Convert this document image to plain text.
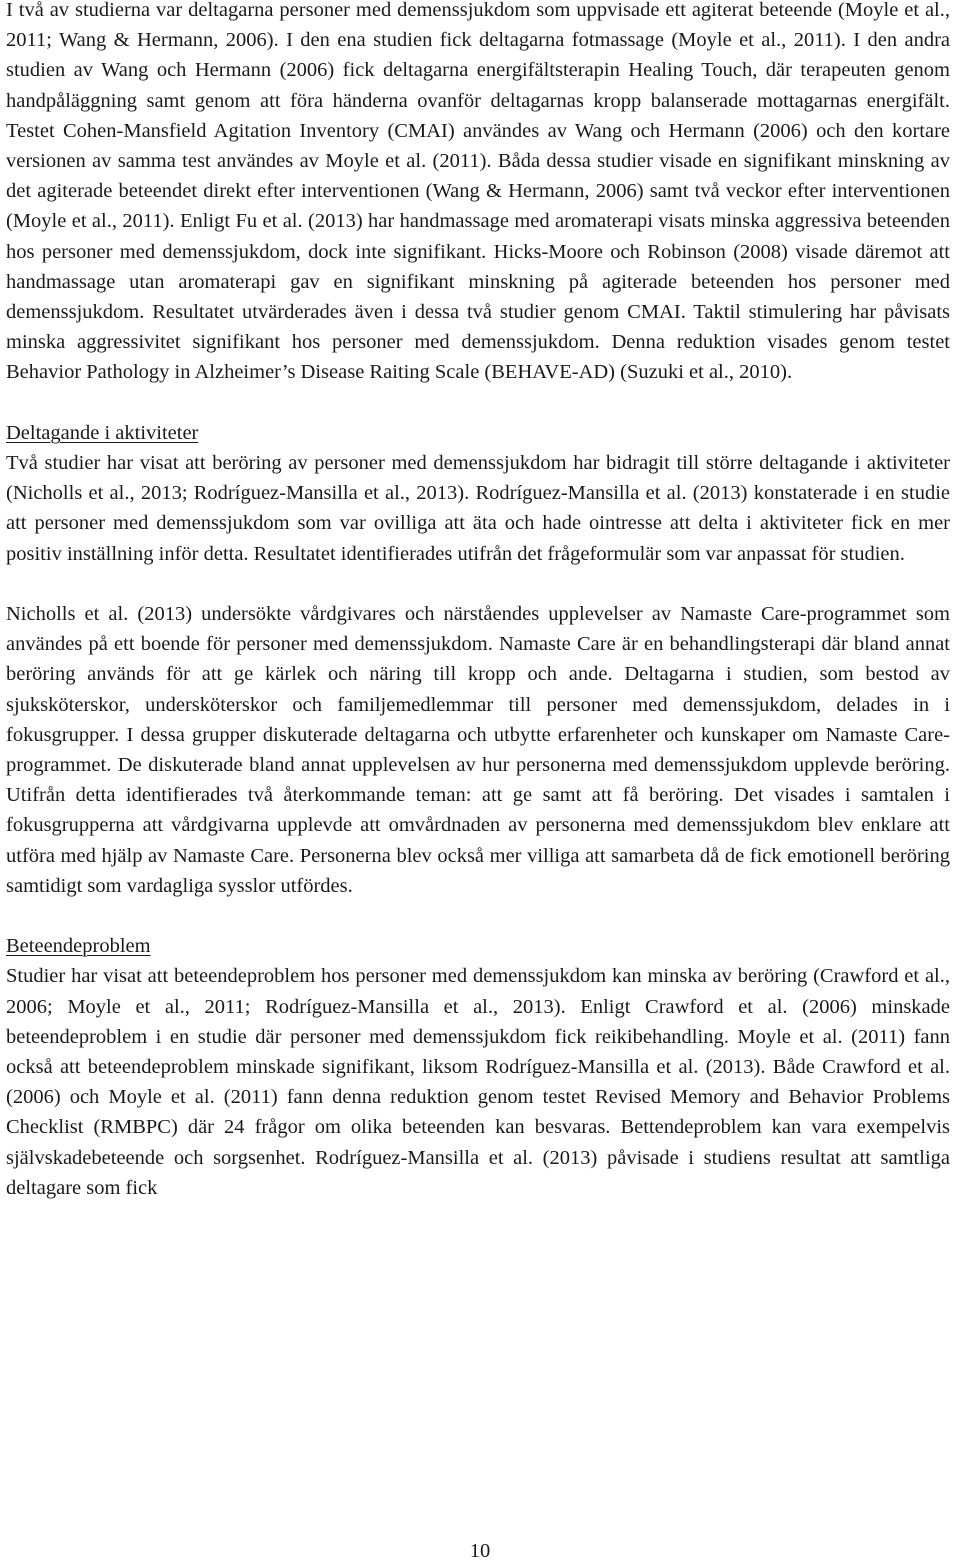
I två av studierna var deltagarna personer med demenssjukdom som uppvisade ett agiterat beteende (Moyle et al., 2011; Wang & Hermann, 2006). I den ena studien fick deltagarna fotmassage (Moyle et al., 2011). I den andra studien av Wang och Hermann (2006) fick deltagarna energifältsterapin Healing Touch, där terapeuten genom handpåläggning samt genom att föra händerna ovanför deltagarnas kropp balanserade mottagarnas energifält. Testet Cohen-Mansfield Agitation Inventory (CMAI) användes av Wang och Hermann (2006) och den kortare versionen av samma test användes av Moyle et al. (2011). Båda dessa studier visade en signifikant minskning av det agiterade beteendet direkt efter interventionen (Wang & Hermann, 2006) samt två veckor efter interventionen (Moyle et al., 2011). Enligt Fu et al. (2013) har handmassage med aromaterapi visats minska aggressiva beteenden hos personer med demenssjukdom, dock inte signifikant. Hicks-Moore och Robinson (2008) visade däremot att handmassage utan aromaterapi gav en signifikant minskning på agiterade beteenden hos personer med demenssjukdom. Resultatet utvärderades även i dessa två studier genom CMAI. Taktil stimulering har påvisats minska aggressivitet signifikant hos personer med demenssjukdom. Denna reduktion visades genom testet Behavior Pathology in Alzheimer’s Disease Raiting Scale (BEHAVE-AD) (Suzuki et al., 2010).

Deltagande i aktiviteter

Två studier har visat att beröring av personer med demenssjukdom har bidragit till större deltagande i aktiviteter (Nicholls et al., 2013; Rodríguez-Mansilla et al., 2013). Rodríguez-Mansilla et al. (2013) konstaterade i en studie att personer med demenssjukdom som var ovilliga att äta och hade ointresse att delta i aktiviteter fick en mer positiv inställning inför detta. Resultatet identifierades utifrån det frågeformulär som var anpassat för studien.

Nicholls et al. (2013) undersökte vårdgivares och närståendes upplevelser av Namaste Care-programmet som användes på ett boende för personer med demenssjukdom. Namaste Care är en behandlingsterapi där bland annat beröring används för att ge kärlek och näring till kropp och ande. Deltagarna i studien, som bestod av sjuksköterskor, undersköterskor och familjemedlemmar till personer med demenssjukdom, delades in i fokusgrupper. I dessa grupper diskuterade deltagarna och utbytte erfarenheter och kunskaper om Namaste Care-programmet. De diskuterade bland annat upplevelsen av hur personerna med demenssjukdom upplevde beröring. Utifrån detta identifierades två återkommande teman: att ge samt att få beröring. Det visades i samtalen i fokusgrupperna att vårdgivarna upplevde att omvårdnaden av personerna med demenssjukdom blev enklare att utföra med hjälp av Namaste Care. Personerna blev också mer villiga att samarbeta då de fick emotionell beröring samtidigt som vardagliga sysslor utfördes.

Beteendeproblem

Studier har visat att beteendeproblem hos personer med demenssjukdom kan minska av beröring (Crawford et al., 2006; Moyle et al., 2011; Rodríguez-Mansilla et al., 2013). Enligt Crawford et al. (2006) minskade beteendeproblem i en studie där personer med demenssjukdom fick reikibehandling. Moyle et al. (2011) fann också att beteendeproblem minskade signifikant, liksom Rodríguez-Mansilla et al. (2013). Både Crawford et al. (2006) och Moyle et al. (2011) fann denna reduktion genom testet Revised Memory and Behavior Problems Checklist (RMBPC) där 24 frågor om olika beteenden kan besvaras. Bettendeproblem kan vara exempelvis självskadebeteende och sorgsenhet. Rodríguez-Mansilla et al. (2013) påvisade i studiens resultat att samtliga deltagare som fick

10
